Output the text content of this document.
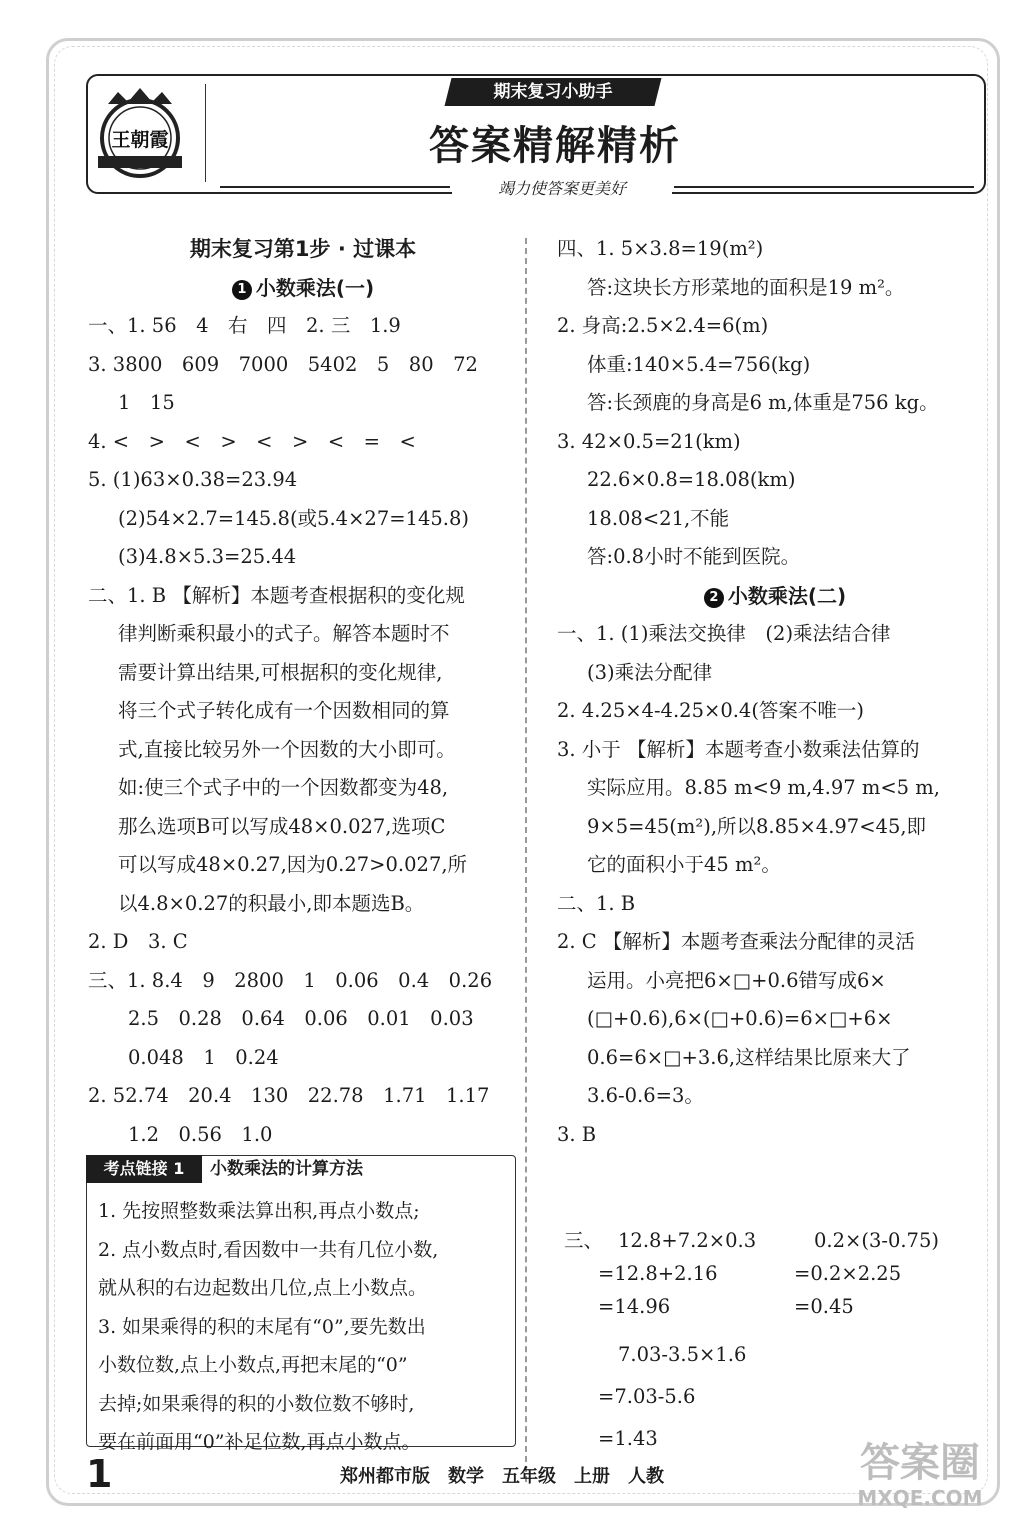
王朝霞
期末复习小助手
答案精解精析
竭力使答案更美好
期末复习第1步 · 过课本
1 小数乘法(一)
一、1. 56　4　右　四　2. 三　1.9
3. 3800　609　7000　5402　5　80　72
1　15
4. <　>　<　>　<　>　<　=　<
5. (1)63×0.38=23.94
(2)54×2.7=145.8(或5.4×27=145.8)
(3)4.8×5.3=25.44
二、1. B 【解析】本题考查根据积的变化规
律判断乘积最小的式子。解答本题时不
需要计算出结果,可根据积的变化规律,
将三个式子转化成有一个因数相同的算
式,直接比较另外一个因数的大小即可。
如:使三个式子中的一个因数都变为48,
那么选项B可以写成48×0.027,选项C
可以写成48×0.27,因为0.27>0.027,所
以4.8×0.27的积最小,即本题选B。
2. D　3. C
三、1. 8.4　9　2800　1　0.06　0.4　0.26
2.5　0.28　0.64　0.06　0.01　0.03
0.048　1　0.24
2. 52.74　20.4　130　22.78　1.71　1.17
1.2　0.56　1.0
考点链接 1	小数乘法的计算方法
1. 先按照整数乘法算出积,再点小数点;
2. 点小数点时,看因数中一共有几位小数,
就从积的右边起数出几位,点上小数点。
3. 如果乘得的积的末尾有“0”,要先数出
小数位数,点上小数点,再把末尾的“0”
去掉;如果乘得的积的小数位数不够时,
要在前面用“0”补足位数,再点小数点。
四、1. 5×3.8=19(m²)
答:这块长方形菜地的面积是19 m²。
2. 身高:2.5×2.4=6(m)
体重:140×5.4=756(kg)
答:长颈鹿的身高是6 m,体重是756 kg。
3. 42×0.5=21(km)
22.6×0.8=18.08(km)
18.08<21,不能
答:0.8小时不能到医院。
2 小数乘法(二)
一、1. (1)乘法交换律　(2)乘法结合律
(3)乘法分配律
2. 4.25×4-4.25×0.4(答案不唯一)
3. 小于 【解析】本题考查小数乘法估算的
实际应用。8.85 m<9 m,4.97 m<5 m,
9×5=45(m²),所以8.85×4.97<45,即
它的面积小于45 m²。
二、1. B
2. C 【解析】本题考查乘法分配律的灵活
运用。小亮把6×□+0.6错写成6×
(□+0.6),6×(□+0.6)=6×□+6×
0.6=6×□+3.6,这样结果比原来大了
3.6-0.6=3。
3. B
三、 12.8+7.2×0.3
=12.8+2.16
=14.96
0.2×(3-0.75)
=0.2×2.25
=0.45
7.03-3.5×1.6
=7.03-5.6
=1.43
1	郑州都市版　数学　五年级　上册　人教	答案圈
MXQE.COM
